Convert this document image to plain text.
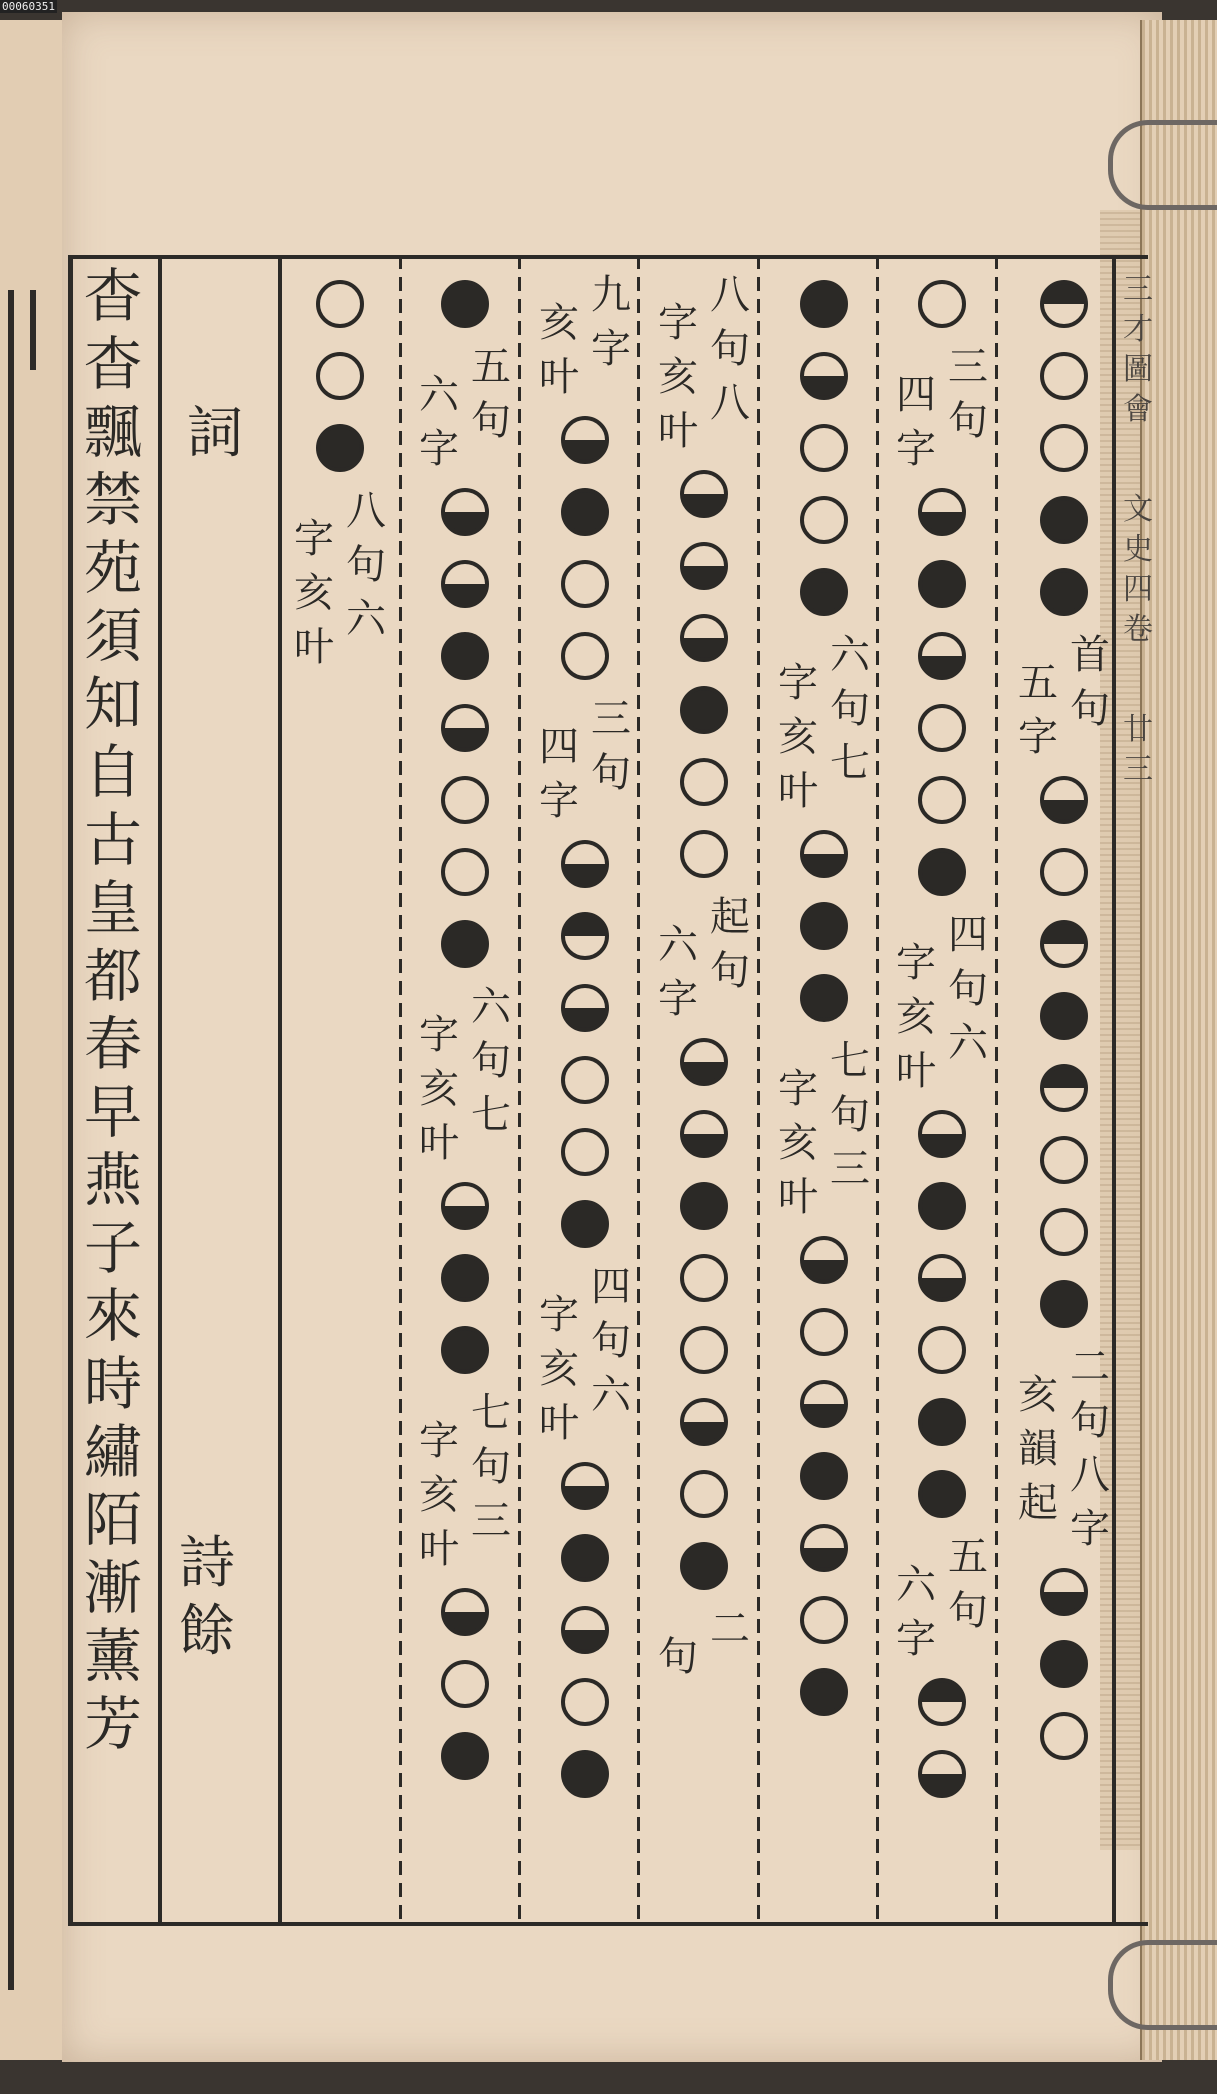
00060351
杳
杳
飄
禁
苑
須
知
自
古
皇
都
春
早
燕
子
來
時
繡
陌
漸
薰
芳
詞
詩
餘
三
才
圖
會
文
史
四
卷
廿
三
首
句
五
字
二
句
八
字
亥
韻
起
三
句
四
字
四
句
六
字
亥
叶
五
句
六
字
六
句
七
字
亥
叶
七
句
三
字
亥
叶
八
句
八
字
亥
叶
起
句
六
字
二
句
九
字
亥
叶
三
句
四
字
四
句
六
字
亥
叶
五
句
六
字
六
句
七
字
亥
叶
七
句
三
字
亥
叶
八
句
六
字
亥
叶
